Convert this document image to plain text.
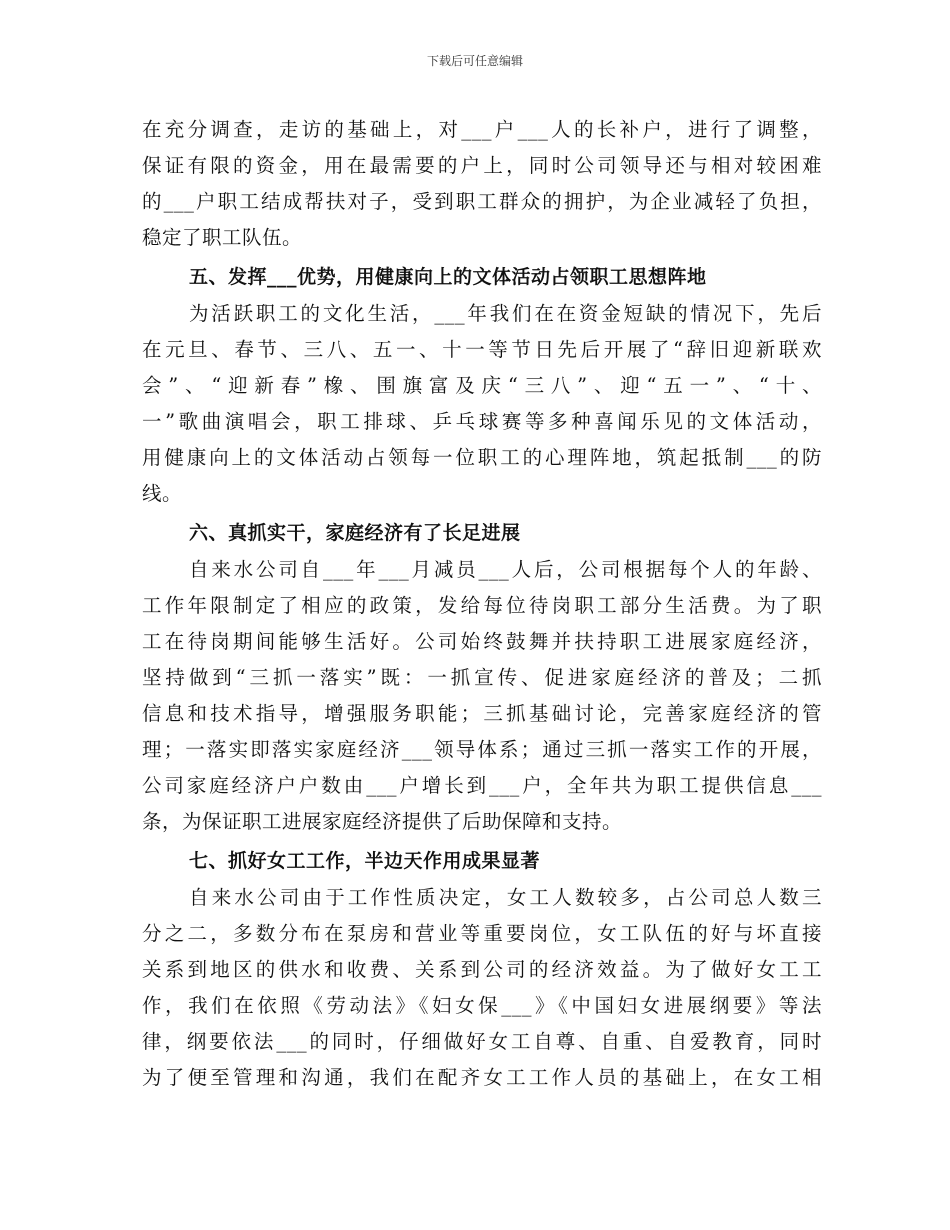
下载后可任意编辑
在充分调查，走访的基础上，对___户___人的长补户，进行了调整，
保证有限的资金，用在最需要的户上，同时公司领导还与相对较困难
的___户职工结成帮扶对子，受到职工群众的拥护，为企业减轻了负担，
稳定了职工队伍。
五、发挥___优势，用健康向上的文体活动占领职工思想阵地
为活跃职工的文化生活，___年我们在在资金短缺的情况下，先后
在元旦、春节、三八、五一、十一等节日先后开展了“辞旧迎新联欢
会”、“迎新春”橡、围旗富及庆“三八”、迎“五一”、“十、
一”歌曲演唱会，职工排球、乒乓球赛等多种喜闻乐见的文体活动，
用健康向上的文体活动占领每一位职工的心理阵地，筑起抵制___的防
线。
六、真抓实干，家庭经济有了长足进展
自来水公司自___年___月减员___人后，公司根据每个人的年龄、
工作年限制定了相应的政策，发给每位待岗职工部分生活费。为了职
工在待岗期间能够生活好。公司始终鼓舞并扶持职工进展家庭经济，
坚持做到“三抓一落实”既：一抓宣传、促进家庭经济的普及；二抓
信息和技术指导，增强服务职能；三抓基础讨论，完善家庭经济的管
理；一落实即落实家庭经济___领导体系；通过三抓一落实工作的开展，
公司家庭经济户户数由___户增长到___户，全年共为职工提供信息___
条，为保证职工进展家庭经济提供了后助保障和支持。
七、抓好女工工作，半边天作用成果显著
自来水公司由于工作性质决定，女工人数较多，占公司总人数三
分之二，多数分布在泵房和营业等重要岗位，女工队伍的好与坏直接
关系到地区的供水和收费、关系到公司的经济效益。为了做好女工工
作，我们在依照《劳动法》《妇女保___》《中国妇女进展纲要》等法
律，纲要依法___的同时，仔细做好女工自尊、自重、自爱教育，同时
为了便至管理和沟通，我们在配齐女工工作人员的基础上，在女工相
